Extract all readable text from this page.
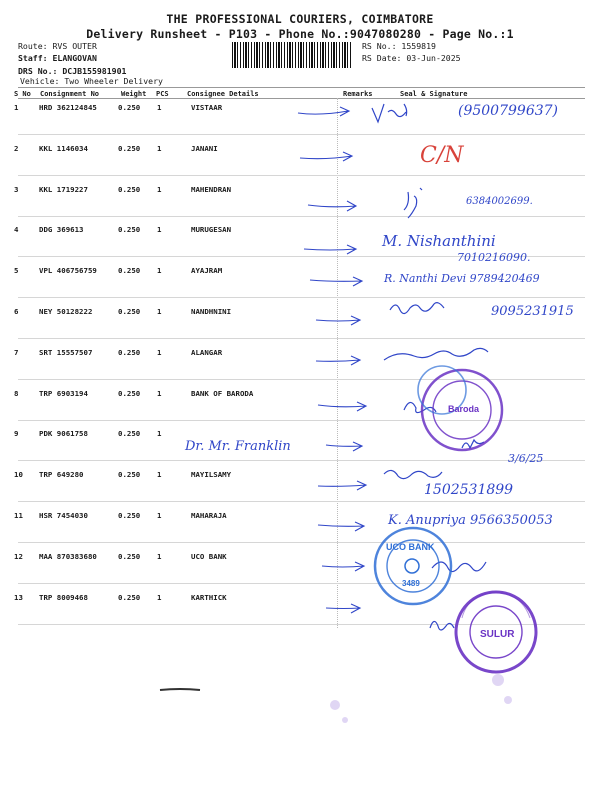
THE PROFESSIONAL COURIERS, COIMBATORE
Delivery Runsheet - P103 - Phone No.:9047080280 - Page No.:1
Route: RVS OUTER
Staff: ELANGOVAN
DRS No.: DCJB155981901
Vehicle: Two Wheeler Delivery
RS No.: 1559819
RS Date: 03-Jun-2025
S No Consignment No	Weight PCS	Consignee Details	Remarks	Seal & Signature
1	HRD 362124845	0.250 1	VISTAAR
2	KKL 1146034	0.250 1	JANANI
3	KKL 1719227	0.250 1	MAHENDRAN
4	DDG 369613	0.250 1	MURUGESAN
5	VPL 406756759	0.250 1	AYAJRAM
6	NEY 50128222	0.250 1	NANDHNINI
7	SRT 15557507	0.250 1	ALANGAR
8	TRP 6903194	0.250 1	BANK OF BARODA
9	PDK 9061758	0.250 1
10 TRP 649280	0.250 1	MAYILSAMY
11 HSR 7454030	0.250 1	MAHARAJA
12 MAA 870383680	0.250 1	UCO BANK
13 TRP 8009468	0.250 1	KARTHICK
Baroda
UCO BANK
3489
SULUR
(9500799637)
C/N
6384002699.
M. Nishanthini
7010216090.
R. Nanthi Devi 9789420469
9095231915
Dr. Mr. Franklin
3/6/25
1502531899
K. Anupriya 9566350053
